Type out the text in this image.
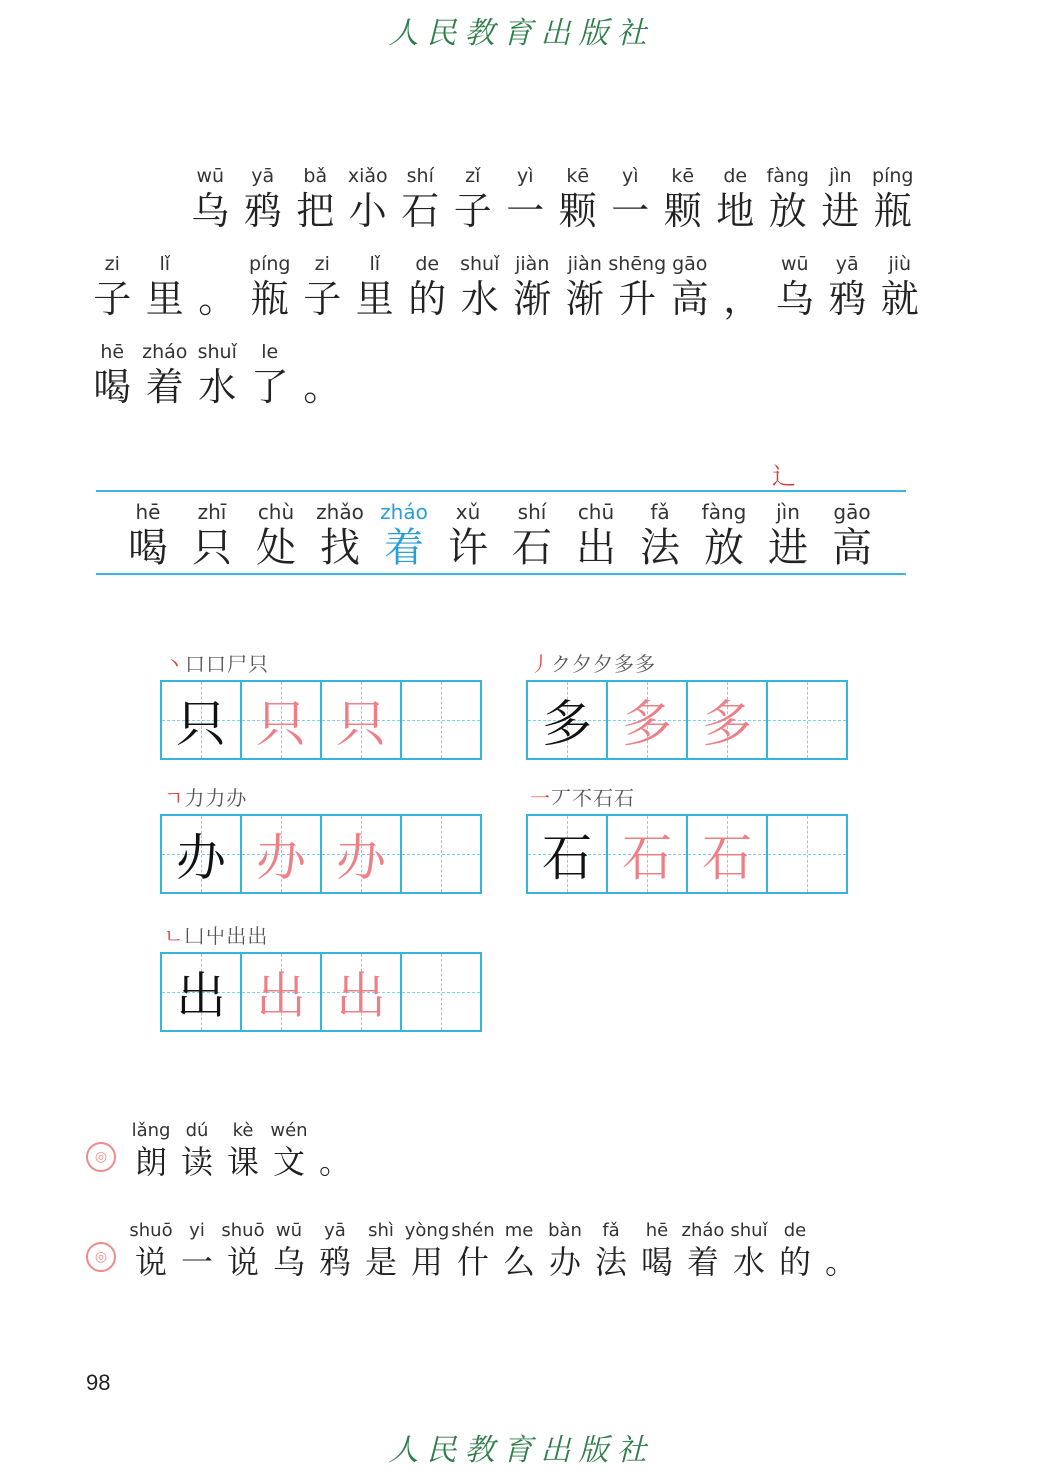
人民教育出版社
wū
乌
yā
鸦
bǎ
把
xiǎo
小
shí
石
zǐ
子
yì
一
kē
颗
yì
一
kē
颗
de
地
fàng
放
jìn
进
píng
瓶
zi
子
lǐ
里 。
píng
瓶
zi
子
lǐ
里
de
的
shuǐ
水
jiàn
渐
jiàn
渐
shēng
升
gāo
高 ，
wū
乌
yā
鸦
jiù
就
hē
喝
zháo
着
shuǐ
水
le
了 。
辶
hē
喝
zhī
只
chù
处
zhǎo
找
zháo
着
xǔ
许
shí
石
chū
出
fǎ
法
fàng
放
jìn
进
gāo
高
丶口口尸只
只 只 只
丿ク夕夕多多
多 多 多
ㄱ力力办
办 办 办
一丆不石石
石 石 石
ㄴ凵屮出出
出 出 出
◎
lǎng
朗
dú
读
kè
课
wén
文 。
◎
shuō
说
yi
一
shuō
说
wū
乌
yā
鸦
shì
是
yòng
用
shén
什
me
么
bàn
办
fǎ
法
hē
喝
zháo
着
shuǐ
水
de
的 。
98
人民教育出版社
